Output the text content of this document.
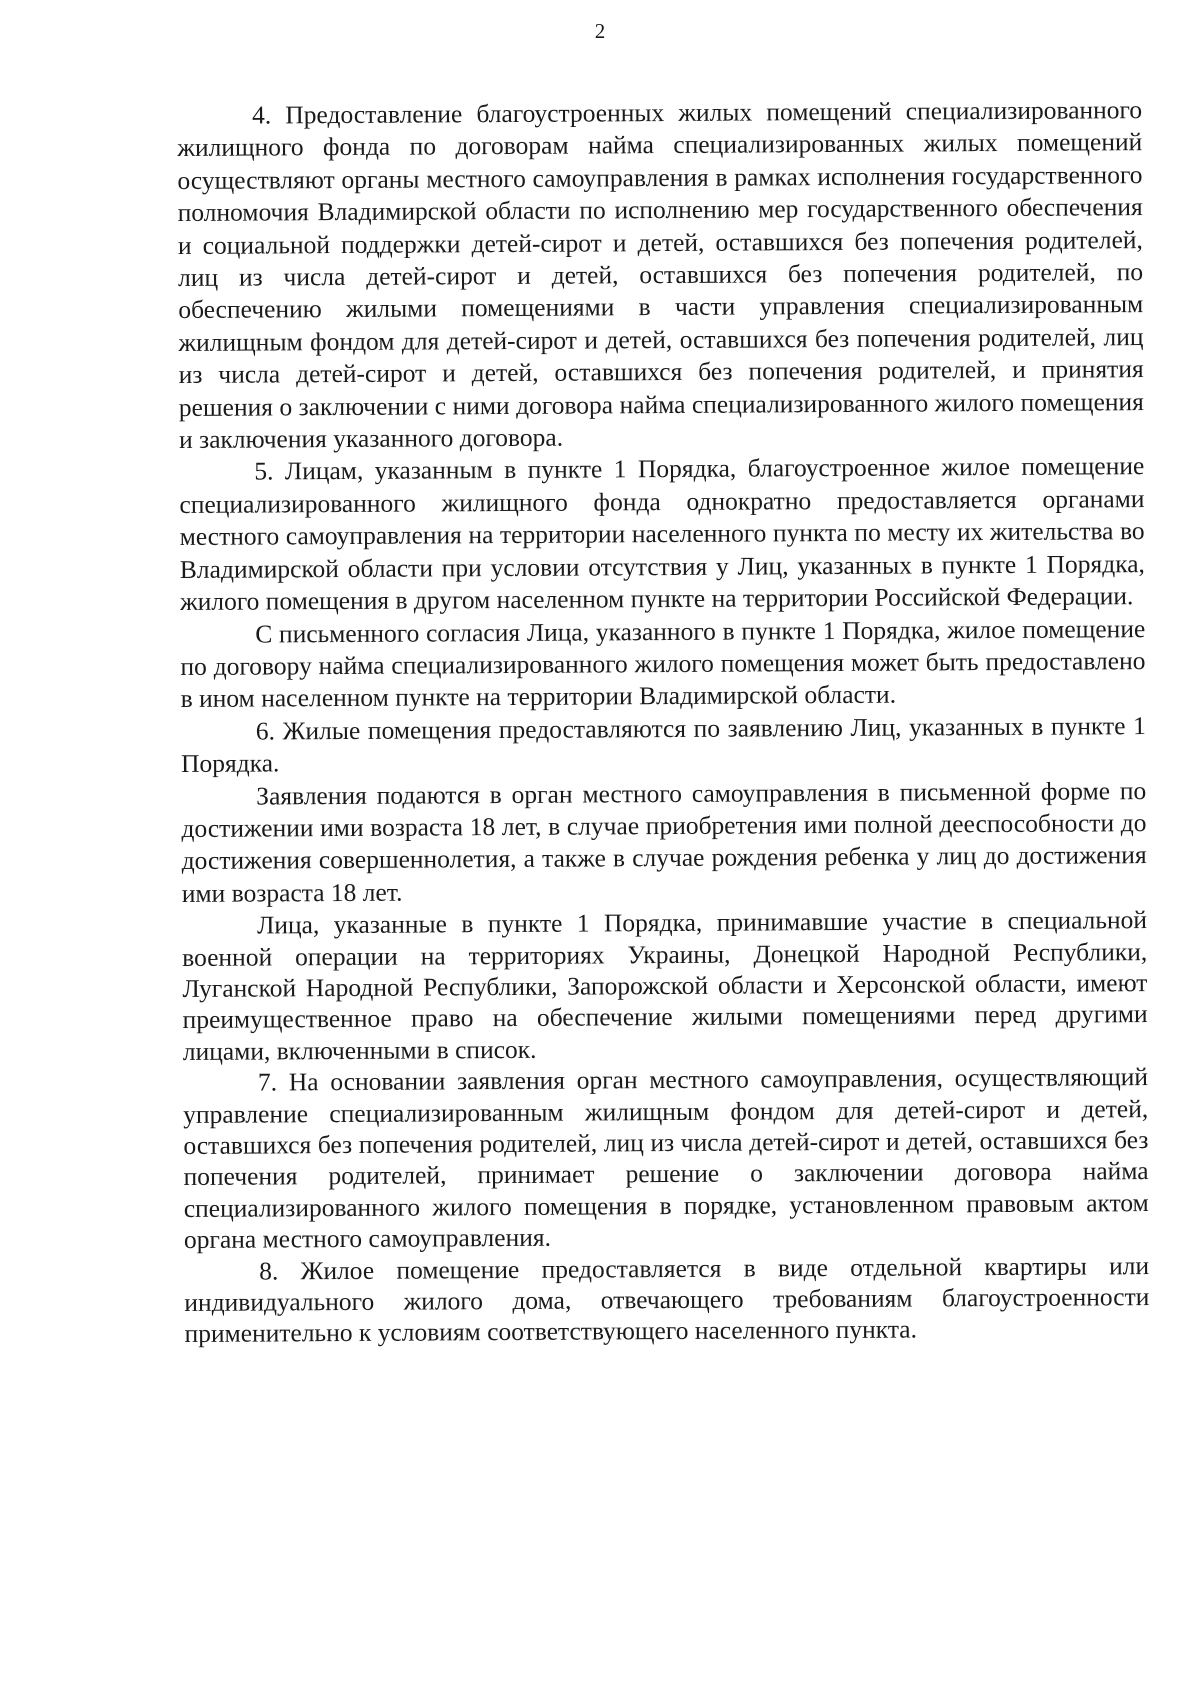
2

4. Предоставление благоустроенных жилых помещений специализированного жилищного фонда по договорам найма специализированных жилых помещений осуществляют органы местного самоуправления в рамках исполнения государственного полномочия Владимирской области по исполнению мер государственного обеспечения и социальной поддержки детей-сирот и детей, оставшихся без попечения родителей, лиц из числа детей-сирот и детей, оставшихся без попечения родителей, по обеспечению жилыми помещениями в части управления специализированным жилищным фондом для детей-сирот и детей, оставшихся без попечения родителей, лиц из числа детей-сирот и детей, оставшихся без попечения родителей, и принятия решения о заключении с ними договора найма специализированного жилого помещения и заключения указанного договора.

5. Лицам, указанным в пункте 1 Порядка, благоустроенное жилое помещение специализированного жилищного фонда однократно предоставляется органами местного самоуправления на территории населенного пункта по месту их жительства во Владимирской области при условии отсутствия у Лиц, указанных в пункте 1 Порядка, жилого помещения в другом населенном пункте на территории Российской Федерации.

С письменного согласия Лица, указанного в пункте 1 Порядка, жилое помещение по договору найма специализированного жилого помещения может быть предоставлено в ином населенном пункте на территории Владимирской области.

6. Жилые помещения предоставляются по заявлению Лиц, указанных в пункте 1 Порядка.

Заявления подаются в орган местного самоуправления в письменной форме по достижении ими возраста 18 лет, в случае приобретения ими полной дееспособности до достижения совершеннолетия, а также в случае рождения ребенка у лиц до достижения ими возраста 18 лет.

Лица, указанные в пункте 1 Порядка, принимавшие участие в специальной военной операции на территориях Украины, Донецкой Народной Республики, Луганской Народной Республики, Запорожской области и Херсонской области, имеют преимущественное право на обеспечение жилыми помещениями перед другими лицами, включенными в список.

7. На основании заявления орган местного самоуправления, осуществляющий управление специализированным жилищным фондом для детей-сирот и детей, оставшихся без попечения родителей, лиц из числа детей-сирот и детей, оставшихся без попечения родителей, принимает решение о заключении договора найма специализированного жилого помещения в порядке, установленном правовым актом органа местного самоуправления.

8. Жилое помещение предоставляется в виде отдельной квартиры или индивидуального жилого дома, отвечающего требованиям благоустроенности применительно к условиям соответствующего населенного пункта.
